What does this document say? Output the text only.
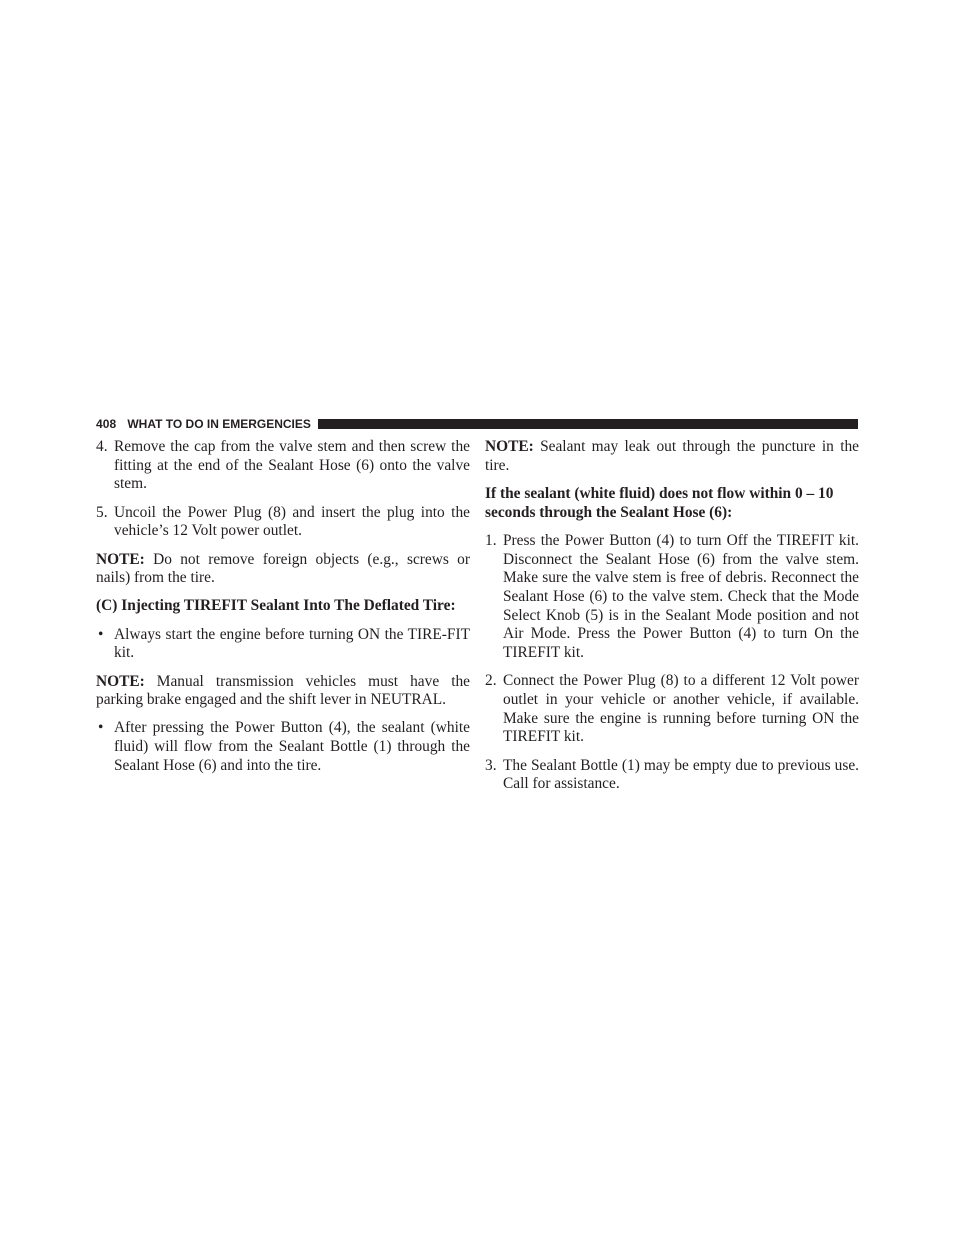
408 WHAT TO DO IN EMERGENCIES
4. Remove the cap from the valve stem and then screw the fitting at the end of the Sealant Hose (6) onto the valve stem.
5. Uncoil the Power Plug (8) and insert the plug into the vehicle’s 12 Volt power outlet.

NOTE: Do not remove foreign objects (e.g., screws or nails) from the tire.

(C) Injecting TIREFIT Sealant Into The Deflated Tire:

• Always start the engine before turning ON the TIRE-FIT kit.

NOTE: Manual transmission vehicles must have the parking brake engaged and the shift lever in NEUTRAL.

• After pressing the Power Button (4), the sealant (white fluid) will flow from the Sealant Bottle (1) through the Sealant Hose (6) and into the tire.

NOTE: Sealant may leak out through the puncture in the tire.

If the sealant (white fluid) does not flow within 0 – 10 seconds through the Sealant Hose (6):

1. Press the Power Button (4) to turn Off the TIREFIT kit. Disconnect the Sealant Hose (6) from the valve stem. Make sure the valve stem is free of debris. Reconnect the Sealant Hose (6) to the valve stem. Check that the Mode Select Knob (5) is in the Sealant Mode position and not Air Mode. Press the Power Button (4) to turn On the TIREFIT kit.
2. Connect the Power Plug (8) to a different 12 Volt power outlet in your vehicle or another vehicle, if available. Make sure the engine is running before turning ON the TIREFIT kit.
3. The Sealant Bottle (1) may be empty due to previous use. Call for assistance.
